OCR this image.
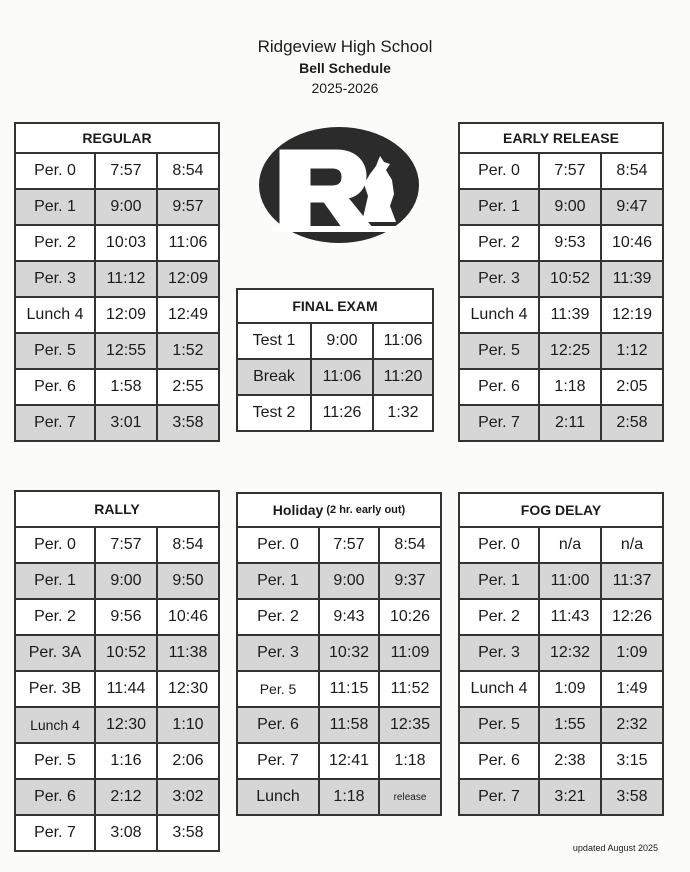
Ridgeview High School
Bell Schedule
2025-2026
REGULAR
Per. 0	7:57	8:54
Per. 1	9:00	9:57
Per. 2	10:03	11:06
Per. 3	11:12	12:09
Lunch 4	12:09	12:49
Per. 5	12:55	1:52
Per. 6	1:58	2:55
Per. 7	3:01	3:58
FINAL EXAM
Test 1	9:00	11:06
Break	11:06	11:20
Test 2	11:26	1:32
EARLY RELEASE
Per. 0	7:57	8:54
Per. 1	9:00	9:47
Per. 2	9:53	10:46
Per. 3	10:52	11:39
Lunch 4	11:39	12:19
Per. 5	12:25	1:12
Per. 6	1:18	2:05
Per. 7	2:11	2:58
RALLY
Per. 0	7:57	8:54
Per. 1	9:00	9:50
Per. 2	9:56	10:46
Per. 3A	10:52	11:38
Per. 3B	11:44	12:30
Lunch 4	12:30	1:10
Per. 5	1:16	2:06
Per. 6	2:12	3:02
Per. 7	3:08	3:58
Holiday (2 hr. early out)
Per. 0	7:57	8:54
Per. 1	9:00	9:37
Per. 2	9:43	10:26
Per. 3	10:32	11:09
Per. 5	11:15	11:52
Per. 6	11:58	12:35
Per. 7	12:41	1:18
Lunch	1:18	release
FOG DELAY
Per. 0	n/a	n/a
Per. 1	11:00	11:37
Per. 2	11:43	12:26
Per. 3	12:32	1:09
Lunch 4	1:09	1:49
Per. 5	1:55	2:32
Per. 6	2:38	3:15
Per. 7	3:21	3:58
updated August 2025
